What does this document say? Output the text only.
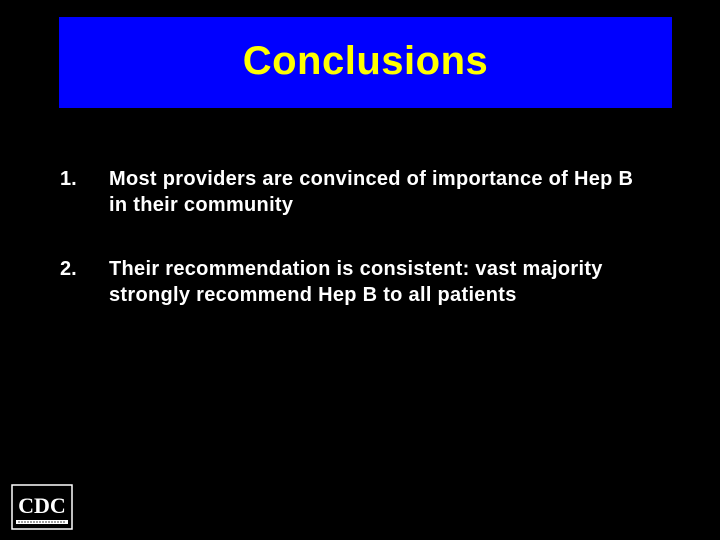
Conclusions
1.	Most providers are convinced of importance of Hep B in their community
2.	Their recommendation is consistent: vast majority strongly recommend Hep B to all patients
CDC
